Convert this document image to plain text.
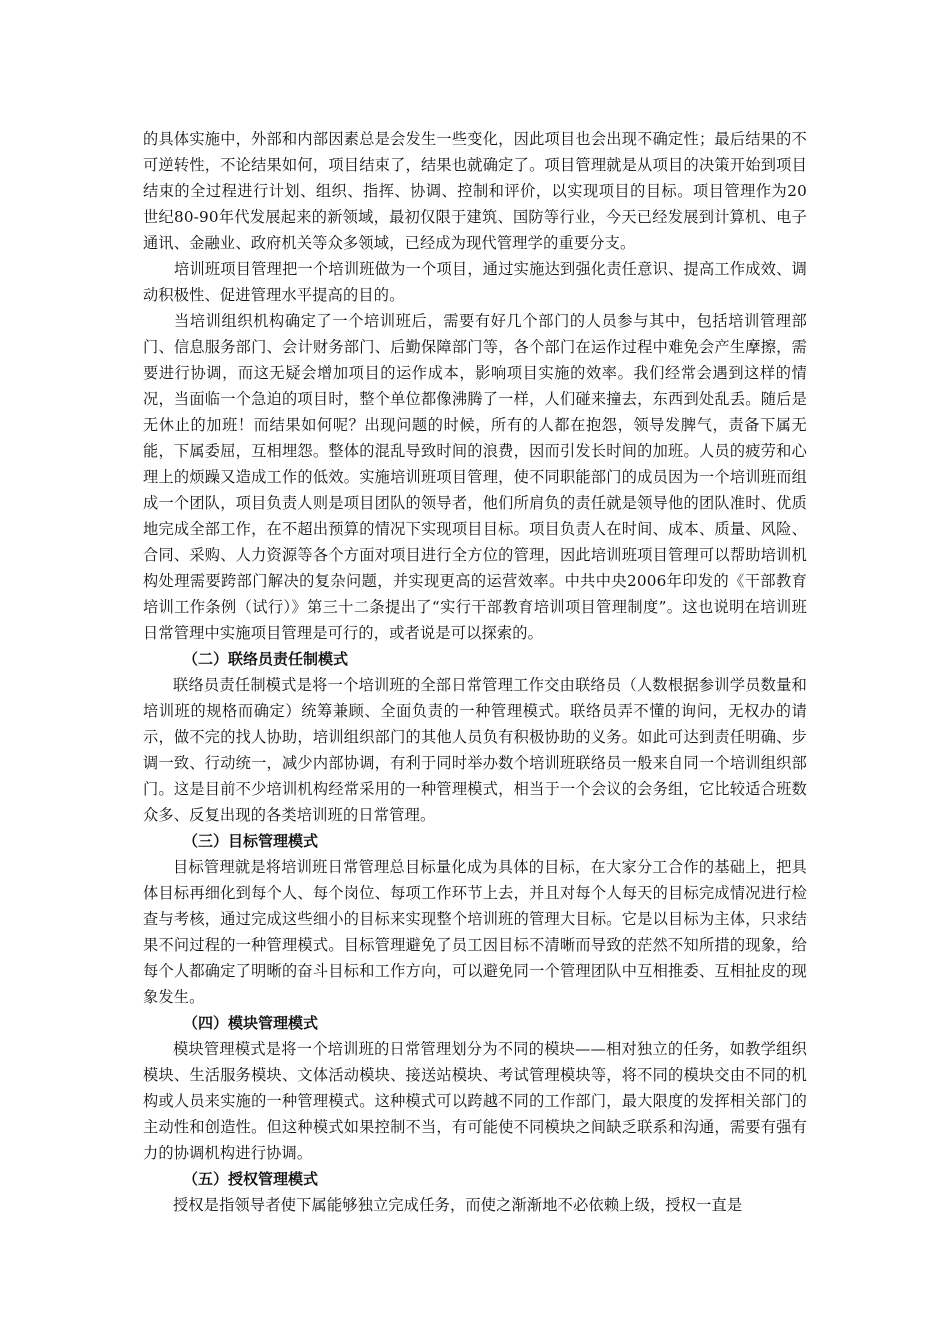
的具体实施中，外部和内部因素总是会发生一些变化，因此项目也会出现不确定性；最后结果的不可逆转性，不论结果如何，项目结束了，结果也就确定了。项目管理就是从项目的决策开始到项目结束的全过程进行计划、组织、指挥、协调、控制和评价，以实现项目的目标。项目管理作为20世纪80-90年代发展起来的新领域，最初仅限于建筑、国防等行业，今天已经发展到计算机、电子通讯、金融业、政府机关等众多领域，已经成为现代管理学的重要分支。

培训班项目管理把一个培训班做为一个项目，通过实施达到强化责任意识、提高工作成效、调动积极性、促进管理水平提高的目的。

当培训组织机构确定了一个培训班后，需要有好几个部门的人员参与其中，包括培训管理部门、信息服务部门、会计财务部门、后勤保障部门等，各个部门在运作过程中难免会产生摩擦，需要进行协调，而这无疑会增加项目的运作成本，影响项目实施的效率。我们经常会遇到这样的情况，当面临一个急迫的项目时，整个单位都像沸腾了一样，人们碰来撞去，东西到处乱丢。随后是无休止的加班！而结果如何呢？出现问题的时候，所有的人都在抱怨，领导发脾气，责备下属无能，下属委屈，互相埋怨。整体的混乱导致时间的浪费，因而引发长时间的加班。人员的疲劳和心理上的烦躁又造成工作的低效。实施培训班项目管理，使不同职能部门的成员因为一个培训班而组成一个团队，项目负责人则是项目团队的领导者，他们所肩负的责任就是领导他的团队准时、优质地完成全部工作，在不超出预算的情况下实现项目目标。项目负责人在时间、成本、质量、风险、合同、采购、人力资源等各个方面对项目进行全方位的管理，因此培训班项目管理可以帮助培训机构处理需要跨部门解决的复杂问题，并实现更高的运营效率。中共中央2006年印发的《干部教育培训工作条例（试行）》第三十二条提出了“实行干部教育培训项目管理制度”。这也说明在培训班日常管理中实施项目管理是可行的，或者说是可以探索的。

（二）联络员责任制模式

联络员责任制模式是将一个培训班的全部日常管理工作交由联络员（人数根据参训学员数量和培训班的规格而确定）统筹兼顾、全面负责的一种管理模式。联络员弄不懂的询问，无权办的请示，做不完的找人协助，培训组织部门的其他人员负有积极协助的义务。如此可达到责任明确、步调一致、行动统一，减少内部协调，有利于同时举办数个培训班联络员一般来自同一个培训组织部门。这是目前不少培训机构经常采用的一种管理模式，相当于一个会议的会务组，它比较适合班数众多、反复出现的各类培训班的日常管理。

（三）目标管理模式

目标管理就是将培训班日常管理总目标量化成为具体的目标，在大家分工合作的基础上，把具体目标再细化到每个人、每个岗位、每项工作环节上去，并且对每个人每天的目标完成情况进行检查与考核，通过完成这些细小的目标来实现整个培训班的管理大目标。它是以目标为主体，只求结果不问过程的一种管理模式。目标管理避免了员工因目标不清晰而导致的茫然不知所措的现象，给每个人都确定了明晰的奋斗目标和工作方向，可以避免同一个管理团队中互相推委、互相扯皮的现象发生。

（四）模块管理模式

模块管理模式是将一个培训班的日常管理划分为不同的模块——相对独立的任务，如教学组织模块、生活服务模块、文体活动模块、接送站模块、考试管理模块等，将不同的模块交由不同的机构或人员来实施的一种管理模式。这种模式可以跨越不同的工作部门，最大限度的发挥相关部门的主动性和创造性。但这种模式如果控制不当，有可能使不同模块之间缺乏联系和沟通，需要有强有力的协调机构进行协调。

（五）授权管理模式

授权是指领导者使下属能够独立完成任务，而使之渐渐地不必依赖上级，授权一直是
